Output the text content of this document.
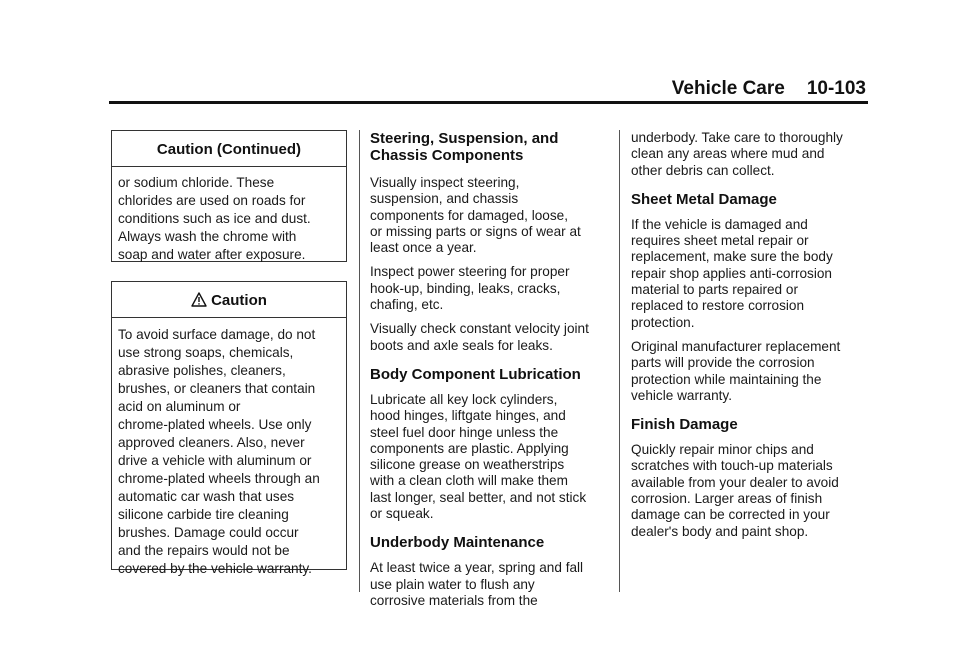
Vehicle Care 10-103
Caution (Continued)
or sodium chloride. These
chlorides are used on roads for
conditions such as ice and dust.
Always wash the chrome with
soap and water after exposure.
Caution
To avoid surface damage, do not
use strong soaps, chemicals,
abrasive polishes, cleaners,
brushes, or cleaners that contain
acid on aluminum or
chrome-plated wheels. Use only
approved cleaners. Also, never
drive a vehicle with aluminum or
chrome-plated wheels through an
automatic car wash that uses
silicone carbide tire cleaning
brushes. Damage could occur
and the repairs would not be
covered by the vehicle warranty.
Steering, Suspension, and
Chassis Components

Visually inspect steering,
suspension, and chassis
components for damaged, loose,
or missing parts or signs of wear at
least once a year.

Inspect power steering for proper
hook-up, binding, leaks, cracks,
chafing, etc.

Visually check constant velocity joint
boots and axle seals for leaks.

Body Component Lubrication

Lubricate all key lock cylinders,
hood hinges, liftgate hinges, and
steel fuel door hinge unless the
components are plastic. Applying
silicone grease on weatherstrips
with a clean cloth will make them
last longer, seal better, and not stick
or squeak.

Underbody Maintenance

At least twice a year, spring and fall
use plain water to flush any
corrosive materials from the

underbody. Take care to thoroughly
clean any areas where mud and
other debris can collect.

Sheet Metal Damage

If the vehicle is damaged and
requires sheet metal repair or
replacement, make sure the body
repair shop applies anti-corrosion
material to parts repaired or
replaced to restore corrosion
protection.

Original manufacturer replacement
parts will provide the corrosion
protection while maintaining the
vehicle warranty.

Finish Damage

Quickly repair minor chips and
scratches with touch-up materials
available from your dealer to avoid
corrosion. Larger areas of finish
damage can be corrected in your
dealer's body and paint shop.
